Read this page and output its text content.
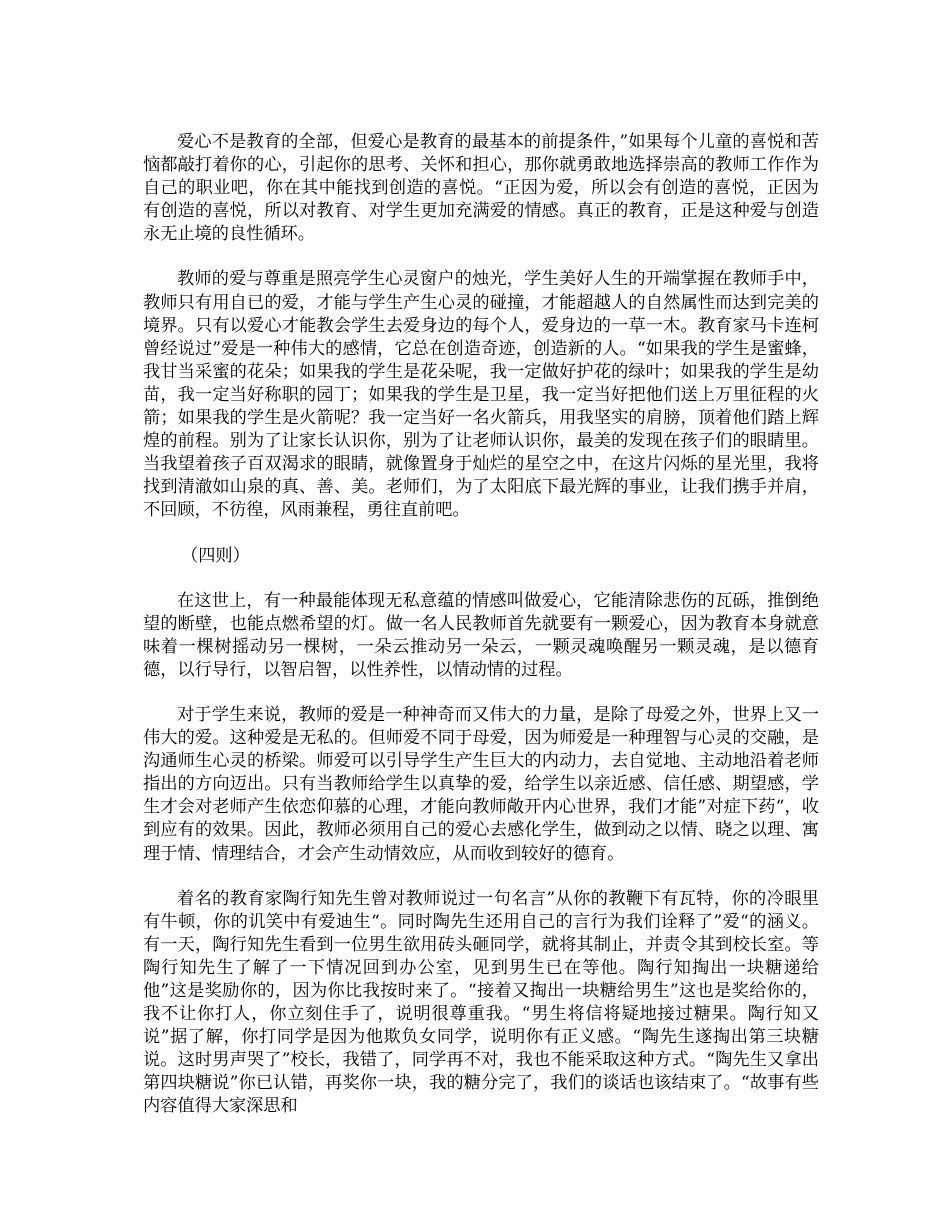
爱心不是教育的全部，但爱心是教育的最基本的前提条件，”如果每个儿童的喜悦和苦恼都敲打着你的心，引起你的思考、关怀和担心，那你就勇敢地选择崇高的教师工作作为自己的职业吧，你在其中能找到创造的喜悦。“正因为爱，所以会有创造的喜悦，正因为有创造的喜悦，所以对教育、对学生更加充满爱的情感。真正的教育，正是这种爱与创造永无止境的良性循环。

教师的爱与尊重是照亮学生心灵窗户的烛光，学生美好人生的开端掌握在教师手中，教师只有用自已的爱，才能与学生产生心灵的碰撞，才能超越人的自然属性而达到完美的境界。只有以爱心才能教会学生去爱身边的每个人，爱身边的一草一木。教育家马卡连柯曾经说过”爱是一种伟大的感情，它总在创造奇迹，创造新的人。“如果我的学生是蜜蜂，我甘当采蜜的花朵；如果我的学生是花朵呢，我一定做好护花的绿叶；如果我的学生是幼苗，我一定当好称职的园丁；如果我的学生是卫星，我一定当好把他们送上万里征程的火箭；如果我的学生是火箭呢？我一定当好一名火箭兵，用我坚实的肩膀，顶着他们踏上辉煌的前程。别为了让家长认识你，别为了让老师认识你，最美的发现在孩子们的眼睛里。当我望着孩子百双渴求的眼睛，就像置身于灿烂的星空之中，在这片闪烁的星光里，我将找到清澈如山泉的真、善、美。老师们，为了太阳底下最光辉的事业，让我们携手并肩，不回顾，不彷徨，风雨兼程，勇往直前吧。

（四则）

在这世上，有一种最能体现无私意蕴的情感叫做爱心，它能清除悲伤的瓦砾，推倒绝望的断壁，也能点燃希望的灯。做一名人民教师首先就要有一颗爱心，因为教育本身就意味着一棵树摇动另一棵树，一朵云推动另一朵云，一颗灵魂唤醒另一颗灵魂，是以德育德，以行导行，以智启智，以性养性，以情动情的过程。

对于学生来说，教师的爱是一种神奇而又伟大的力量，是除了母爱之外，世界上又一伟大的爱。这种爱是无私的。但师爱不同于母爱，因为师爱是一种理智与心灵的交融，是沟通师生心灵的桥梁。师爱可以引导学生产生巨大的内动力，去自觉地、主动地沿着老师指出的方向迈出。只有当教师给学生以真挚的爱，给学生以亲近感、信任感、期望感，学生才会对老师产生依恋仰慕的心理，才能向教师敞开内心世界，我们才能”对症下药“，收到应有的效果。因此，教师必须用自己的爱心去感化学生，做到动之以情、晓之以理、寓理于情、情理结合，才会产生动情效应，从而收到较好的德育。

着名的教育家陶行知先生曾对教师说过一句名言”从你的教鞭下有瓦特，你的冷眼里有牛顿，你的讥笑中有爱迪生“。同时陶先生还用自己的言行为我们诠释了”爱“的涵义。有一天，陶行知先生看到一位男生欲用砖头砸同学，就将其制止，并责令其到校长室。等陶行知先生了解了一下情况回到办公室，见到男生已在等他。陶行知掏出一块糖递给他”这是奖励你的，因为你比我按时来了。“接着又掏出一块糖给男生”这也是奖给你的，我不让你打人，你立刻住手了，说明很尊重我。“男生将信将疑地接过糖果。陶行知又说”据了解，你打同学是因为他欺负女同学，说明你有正义感。“陶先生遂掏出第三块糖说。这时男声哭了”校长，我错了，同学再不对，我也不能采取这种方式。“陶先生又拿出第四块糖说”你已认错，再奖你一块，我的糖分完了，我们的谈话也该结束了。“故事有些内容值得大家深思和
